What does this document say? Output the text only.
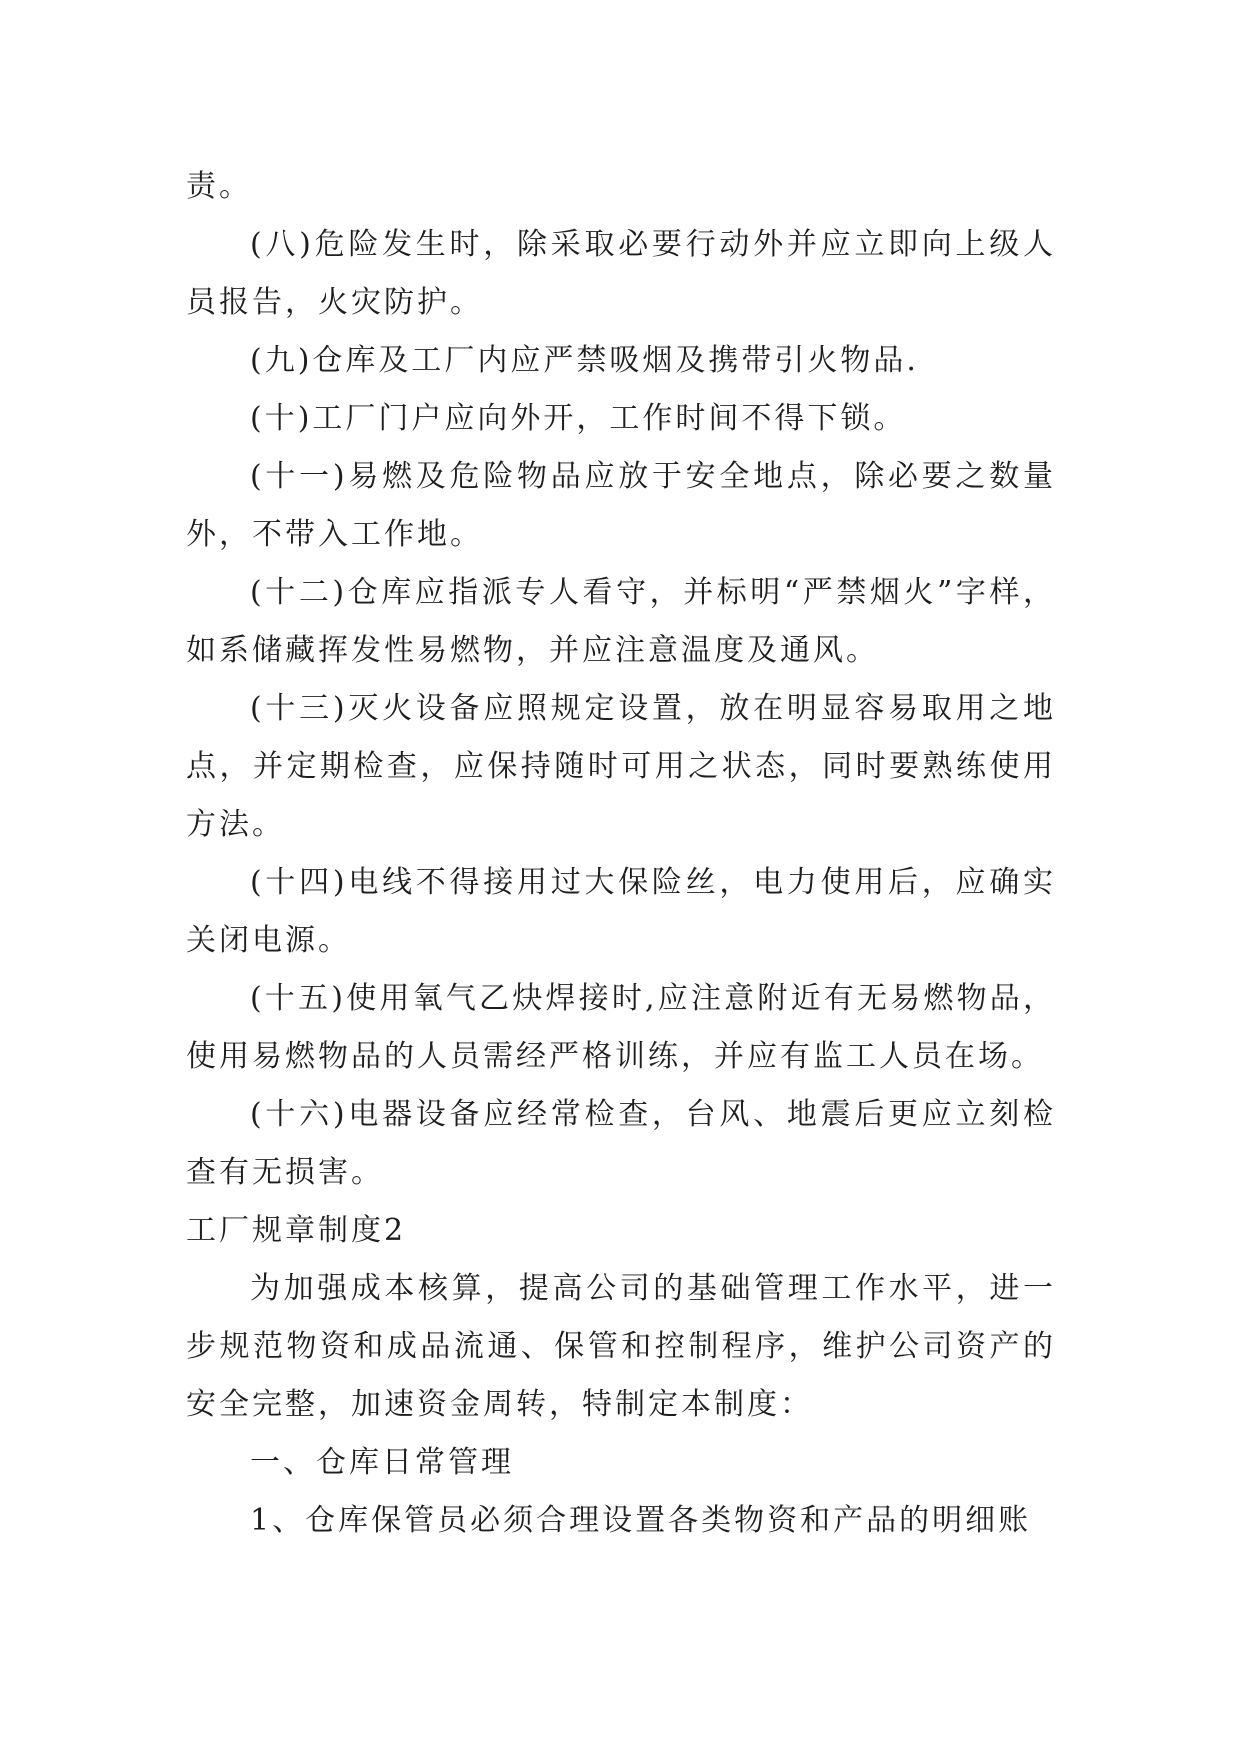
责。

(八)危险发生时，除采取必要行动外并应立即向上级人员报告，火灾防护。

(九)仓库及工厂内应严禁吸烟及携带引火物品.

(十)工厂门户应向外开，工作时间不得下锁。

(十一)易燃及危险物品应放于安全地点，除必要之数量外，不带入工作地。

(十二)仓库应指派专人看守，并标明“严禁烟火”字样，如系储藏挥发性易燃物，并应注意温度及通风。

(十三)灭火设备应照规定设置，放在明显容易取用之地点，并定期检查，应保持随时可用之状态，同时要熟练使用方法。

(十四)电线不得接用过大保险丝，电力使用后，应确实关闭电源。

(十五)使用氧气乙炔焊接时,应注意附近有无易燃物品，使用易燃物品的人员需经严格训练，并应有监工人员在场。

(十六)电器设备应经常检查，台风、地震后更应立刻检查有无损害。

工厂规章制度2

为加强成本核算，提高公司的基础管理工作水平，进一步规范物资和成品流通、保管和控制程序，维护公司资产的安全完整，加速资金周转，特制定本制度：

一、仓库日常管理

1、仓库保管员必须合理设置各类物资和产品的明细账
